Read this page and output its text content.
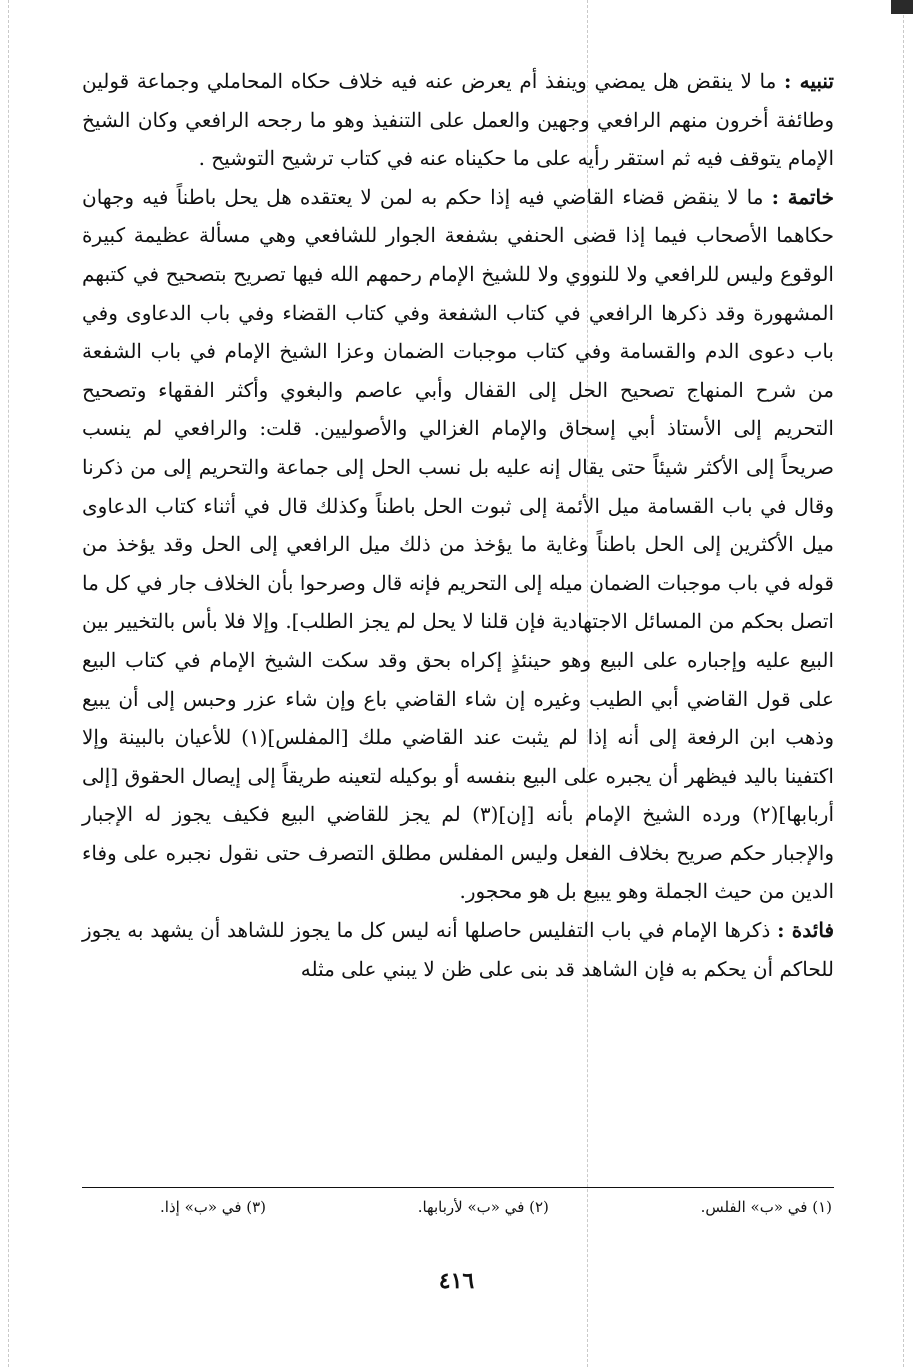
تنبيه : ما لا ينقض هل يمضي وينفذ أم يعرض عنه فيه خلاف حكاه المحاملي وجماعة قولين وطائفة أخرون منهم الرافعي وجهين والعمل على التنفيذ وهو ما رجحه الرافعي وكان الشيخ الإمام يتوقف فيه ثم استقر رأيه على ما حكيناه عنه في كتاب ترشيح التوشيح .

خاتمة : ما لا ينقض قضاء القاضي فيه إذا حكم به لمن لا يعتقده هل يحل باطناً فيه وجهان حكاهما الأصحاب فيما إذا قضى الحنفي بشفعة الجوار للشافعي وهي مسألة عظيمة كبيرة الوقوع وليس للرافعي ولا للنووي ولا للشيخ الإمام رحمهم الله فيها تصريح بتصحيح في كتبهم المشهورة وقد ذكرها الرافعي في كتاب الشفعة وفي كتاب القضاء وفي باب الدعاوى وفي باب دعوى الدم والقسامة وفي كتاب موجبات الضمان وعزا الشيخ الإمام في باب الشفعة من شرح المنهاج تصحيح الحل إلى القفال وأبي عاصم والبغوي وأكثر الفقهاء وتصحيح التحريم إلى الأستاذ أبي إسحاق والإمام الغزالي والأصوليين. قلت: والرافعي لم ينسب صريحاً إلى الأكثر شيئاً حتى يقال إنه عليه بل نسب الحل إلى جماعة والتحريم إلى من ذكرنا وقال في باب القسامة ميل الأئمة إلى ثبوت الحل باطناً وكذلك قال في أثناء كتاب الدعاوى ميل الأكثرين إلى الحل باطناً وغاية ما يؤخذ من ذلك ميل الرافعي إلى الحل وقد يؤخذ من قوله في باب موجبات الضمان ميله إلى التحريم فإنه قال وصرحوا بأن الخلاف جار في كل ما اتصل بحكم من المسائل الاجتهادية فإن قلنا لا يحل لم يجز الطلب]. وإلا فلا بأس بالتخيير بين البيع عليه وإجباره على البيع وهو حينئذٍ إكراه بحق وقد سكت الشيخ الإمام في كتاب البيع على قول القاضي أبي الطيب وغيره إن شاء القاضي باع وإن شاء عزر وحبس إلى أن يبيع وذهب ابن الرفعة إلى أنه إذا لم يثبت عند القاضي ملك [المفلس](١) للأعيان بالبينة وإلا اكتفينا باليد فيظهر أن يجبره على البيع بنفسه أو بوكيله لتعينه طريقاً إلى إيصال الحقوق [إلى أربابها](٢) ورده الشيخ الإمام بأنه [إن](٣) لم يجز للقاضي البيع فكيف يجوز له الإجبار والإجبار حكم صريح بخلاف الفعل وليس المفلس مطلق التصرف حتى نقول نجبره على وفاء الدين من حيث الجملة وهو يبيع بل هو محجور.

فائدة : ذكرها الإمام في باب التفليس حاصلها أنه ليس كل ما يجوز للشاهد أن يشهد به يجوز للحاكم أن يحكم به فإن الشاهد قد بنى على ظن لا يبني على مثله

(١) في «ب» الفلس.
(٢) في «ب» لأربابها.
(٣) في «ب» إذا.
٤١٦
